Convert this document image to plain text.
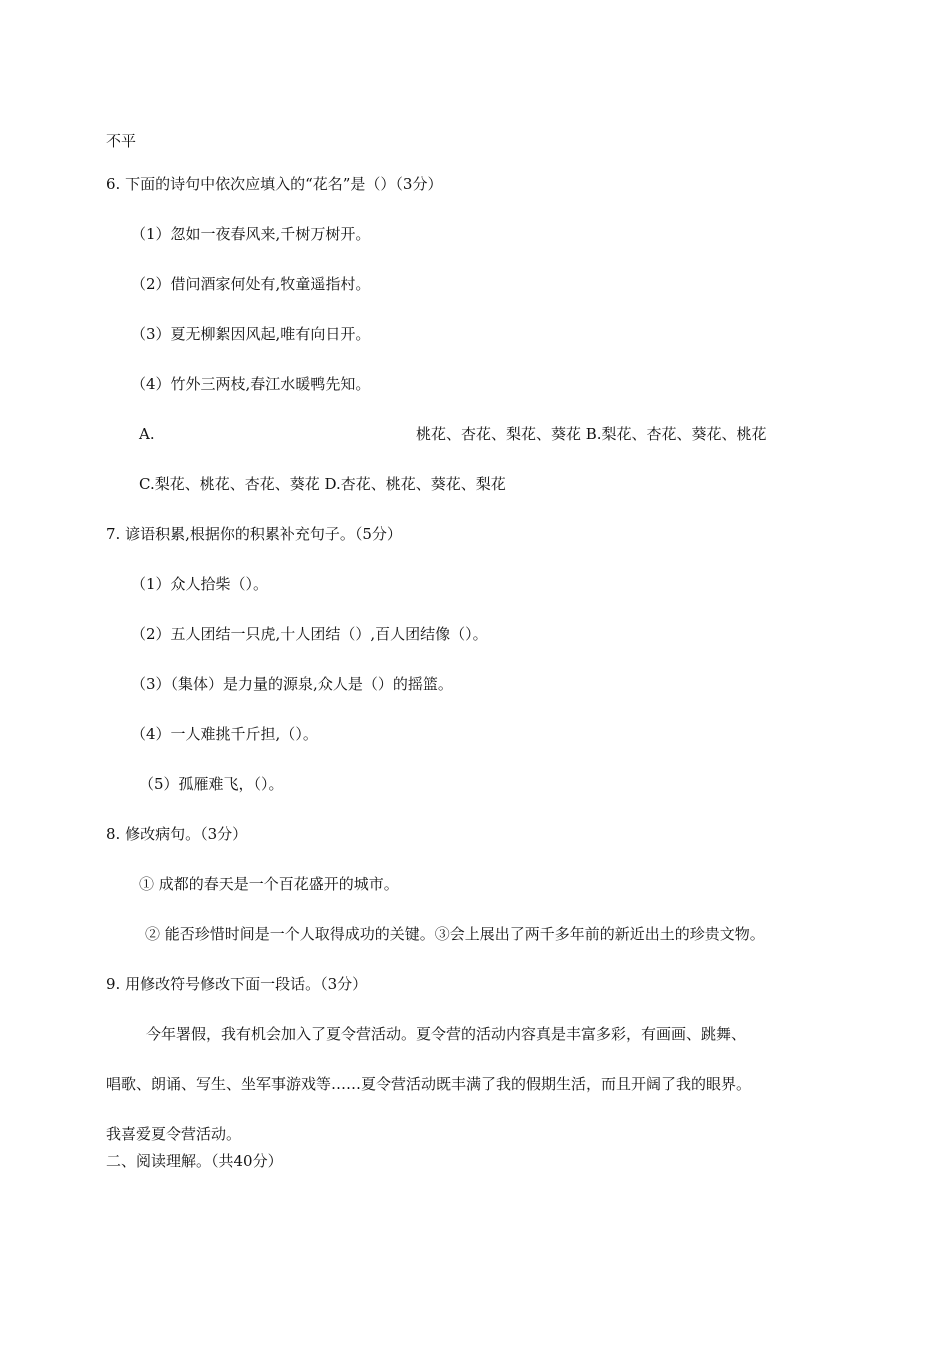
不平
6. 下面的诗句中依次应填入的“花名”是（）（3分）
（1）忽如一夜春风来,千树万树开。
（2）借问酒家何处有,牧童遥指村。
（3）夏无柳絮因风起,唯有向日开。
（4）竹外三两枝,春江水暖鸭先知。
A.	桃花、杏花、梨花、葵花 B.梨花、杏花、葵花、桃花
C.梨花、桃花、杏花、葵花 D.杏花、桃花、葵花、梨花
7. 谚语积累,根据你的积累补充句子。（5分）
（1）众人拾柴（）。
（2）五人团结一只虎,十人团结（）,百人团结像（）。
（3）（集体）是力量的源泉,众人是（）的摇篮。
（4）一人难挑千斤担,（）。
（5）孤雁难飞，（）。
8. 修改病句。（3分）
① 成都的春天是一个百花盛开的城市。
② 能否珍惜时间是一个人取得成功的关键。③会上展出了两千多年前的新近出土的珍贵文物。
9. 用修改符号修改下面一段话。（3分）
今年署假，我有机会加入了夏令营活动。夏令营的活动内容真是丰富多彩，有画画、跳舞、
唱歌、朗诵、写生、坐军事游戏等……夏令营活动既丰满了我的假期生活，而且开阔了我的眼界。
我喜爱夏令营活动。
二、阅读理解。（共40分）
